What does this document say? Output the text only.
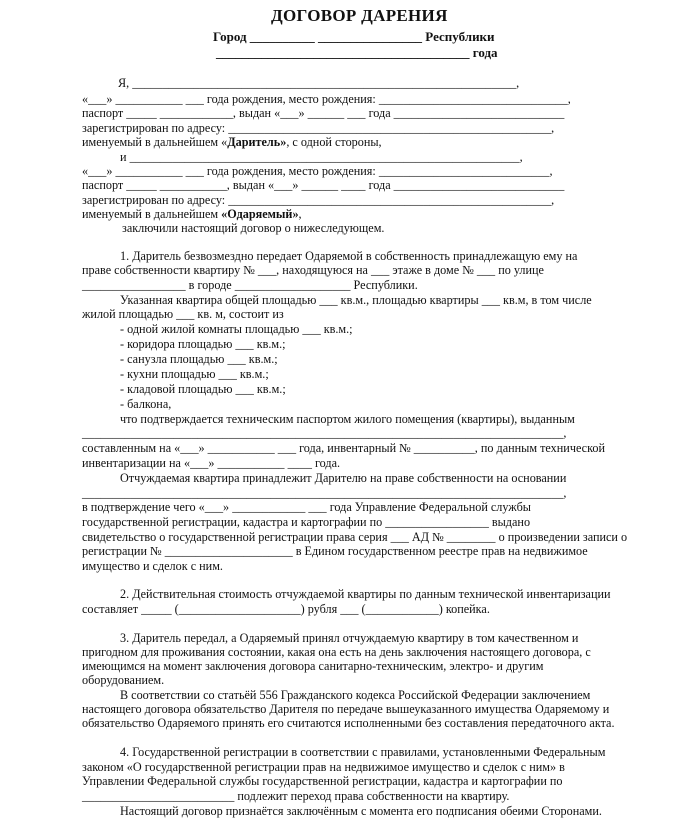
ДОГОВОР ДАРЕНИЯ
Город __________ ________________ Республики
_______________________________________ года
Я, _______________________________________________________________,
«___» ___________ ___ года рождения, место рождения: _______________________________,
паспорт _____ ____________, выдан «___» ______ ___ года ____________________________
зарегистрирован по адресу: _____________________________________________________,
именуемый в дальнейшем «Даритель», с одной стороны,
и ________________________________________________________________,
«___» ___________ ___ года рождения, место рождения: ____________________________,
паспорт _____ ___________, выдан «___» ______ ____ года ____________________________
зарегистрирован по адресу: _____________________________________________________,
именуемый в дальнейшем «Одаряемый»,
заключили настоящий договор о нижеследующем.
1. Даритель безвозмездно передает Одаряемой в собственность принадлежащую ему на
праве собственности квартиру № ___, находящуюся на ___ этаже в доме № ___ по улице
_________________ в городе ___________________ Республики.
Указанная квартира общей площадью ___ кв.м., площадью квартиры ___ кв.м, в том числе
жилой площадью ___ кв. м, состоит из
- одной жилой комнаты площадью ___ кв.м.;
- коридора площадью ___ кв.м.;
- санузла площадью ___ кв.м.;
- кухни площадью ___ кв.м.;
- кладовой площадью ___ кв.м.;
- балкона,
что подтверждается техническим паспортом жилого помещения (квартиры), выданным
_______________________________________________________________________________,
составленным на «___» ___________ ___ года, инвентарный № __________, по данным технической
инвентаризации на «___» ___________ ____ года.
Отчуждаемая квартира принадлежит Дарителю на праве собственности на основании
_______________________________________________________________________________,
в подтверждение чего «___» ____________ ___ года Управление Федеральной службы
государственной регистрации, кадастра и картографии по _________________ выдано
свидетельство о государственной регистрации права серия ___ АД № ________ о произведении записи о
регистрации № _____________________ в Едином государственном реестре прав на недвижимое
имущество и сделок с ним.
2. Действительная стоимость отчуждаемой квартиры по данным технической инвентаризации
составляет _____ (____________________) рубля ___ (____________) копейка.
3. Даритель передал, а Одаряемый принял отчуждаемую квартиру в том качественном и
пригодном для проживания состоянии, какая она есть на день заключения настоящего договора, с
имеющимся на момент заключения договора санитарно-техническим, электро- и другим
оборудованием.
В соответствии со статьёй 556 Гражданского кодекса Российской Федерации заключением
настоящего договора обязательство Дарителя по передаче вышеуказанного имущества Одаряемому и
обязательство Одаряемого принять его считаются исполненными без составления передаточного акта.
4. Государственной регистрации в соответствии с правилами, установленными Федеральным
законом «О государственной регистрации прав на недвижимое имущество и сделок с ним» в
Управлении Федеральной службы государственной регистрации, кадастра и картографии по
_________________________ подлежит переход права собственности на квартиру.
Настоящий договор признаётся заключённым с момента его подписания обеими Сторонами.
